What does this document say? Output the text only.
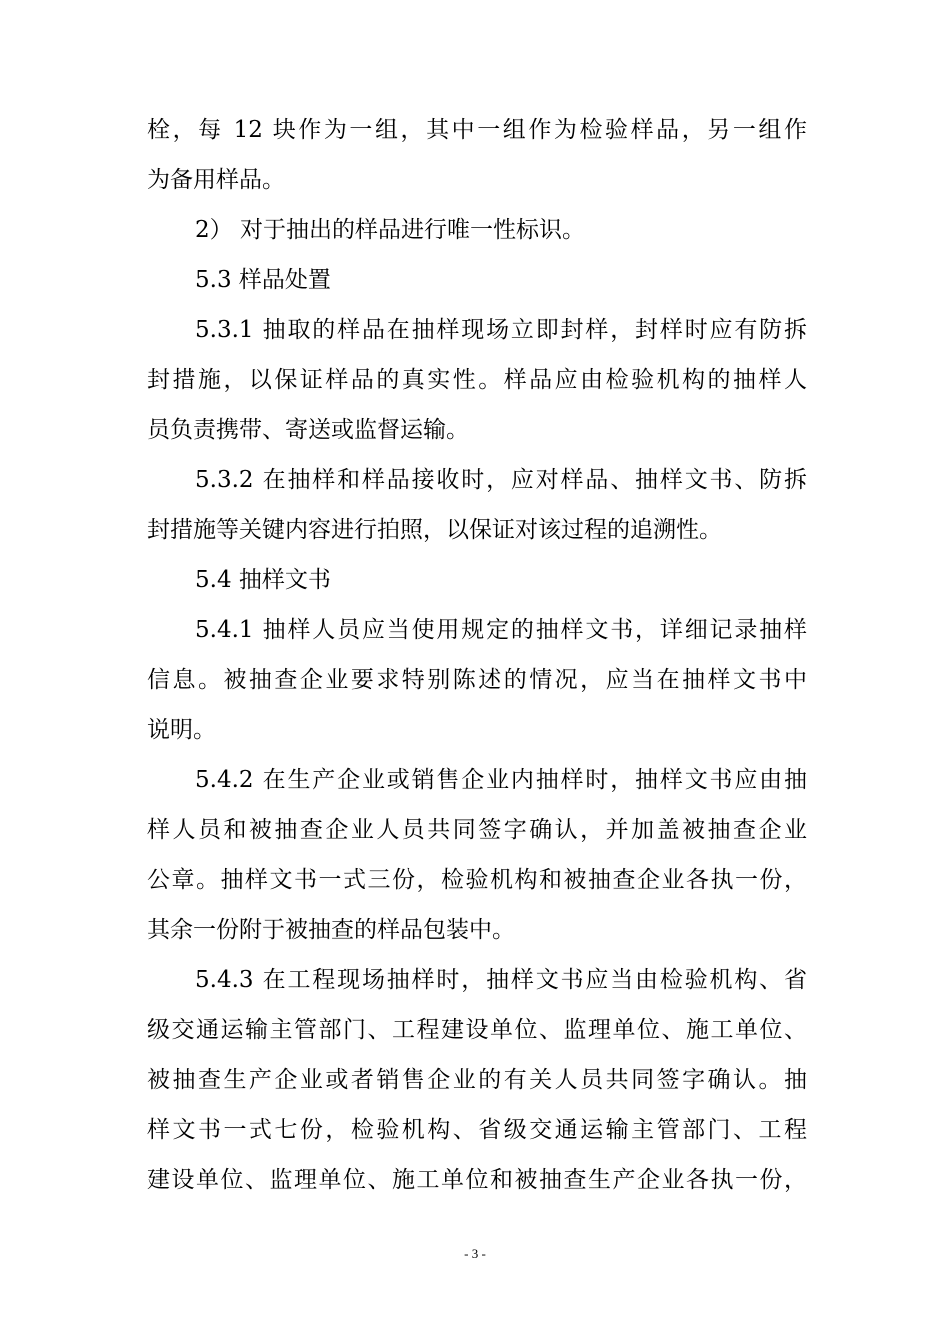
栓，每 12 块作为一组，其中一组作为检验样品，另一组作
为备用样品。
2） 对于抽出的样品进行唯一性标识。
5.3 样品处置
5.3.1 抽取的样品在抽样现场立即封样，封样时应有防拆
封措施，以保证样品的真实性。样品应由检验机构的抽样人
员负责携带、寄送或监督运输。
5.3.2 在抽样和样品接收时，应对样品、抽样文书、防拆
封措施等关键内容进行拍照，以保证对该过程的追溯性。
5.4 抽样文书
5.4.1 抽样人员应当使用规定的抽样文书，详细记录抽样
信息。被抽查企业要求特别陈述的情况，应当在抽样文书中
说明。
5.4.2 在生产企业或销售企业内抽样时，抽样文书应由抽
样人员和被抽查企业人员共同签字确认，并加盖被抽查企业
公章。抽样文书一式三份，检验机构和被抽查企业各执一份，
其余一份附于被抽查的样品包装中。
5.4.3 在工程现场抽样时，抽样文书应当由检验机构、省
级交通运输主管部门、工程建设单位、监理单位、施工单位、
被抽查生产企业或者销售企业的有关人员共同签字确认。抽
样文书一式七份，检验机构、省级交通运输主管部门、工程
建设单位、监理单位、施工单位和被抽查生产企业各执一份，
- 3 -
